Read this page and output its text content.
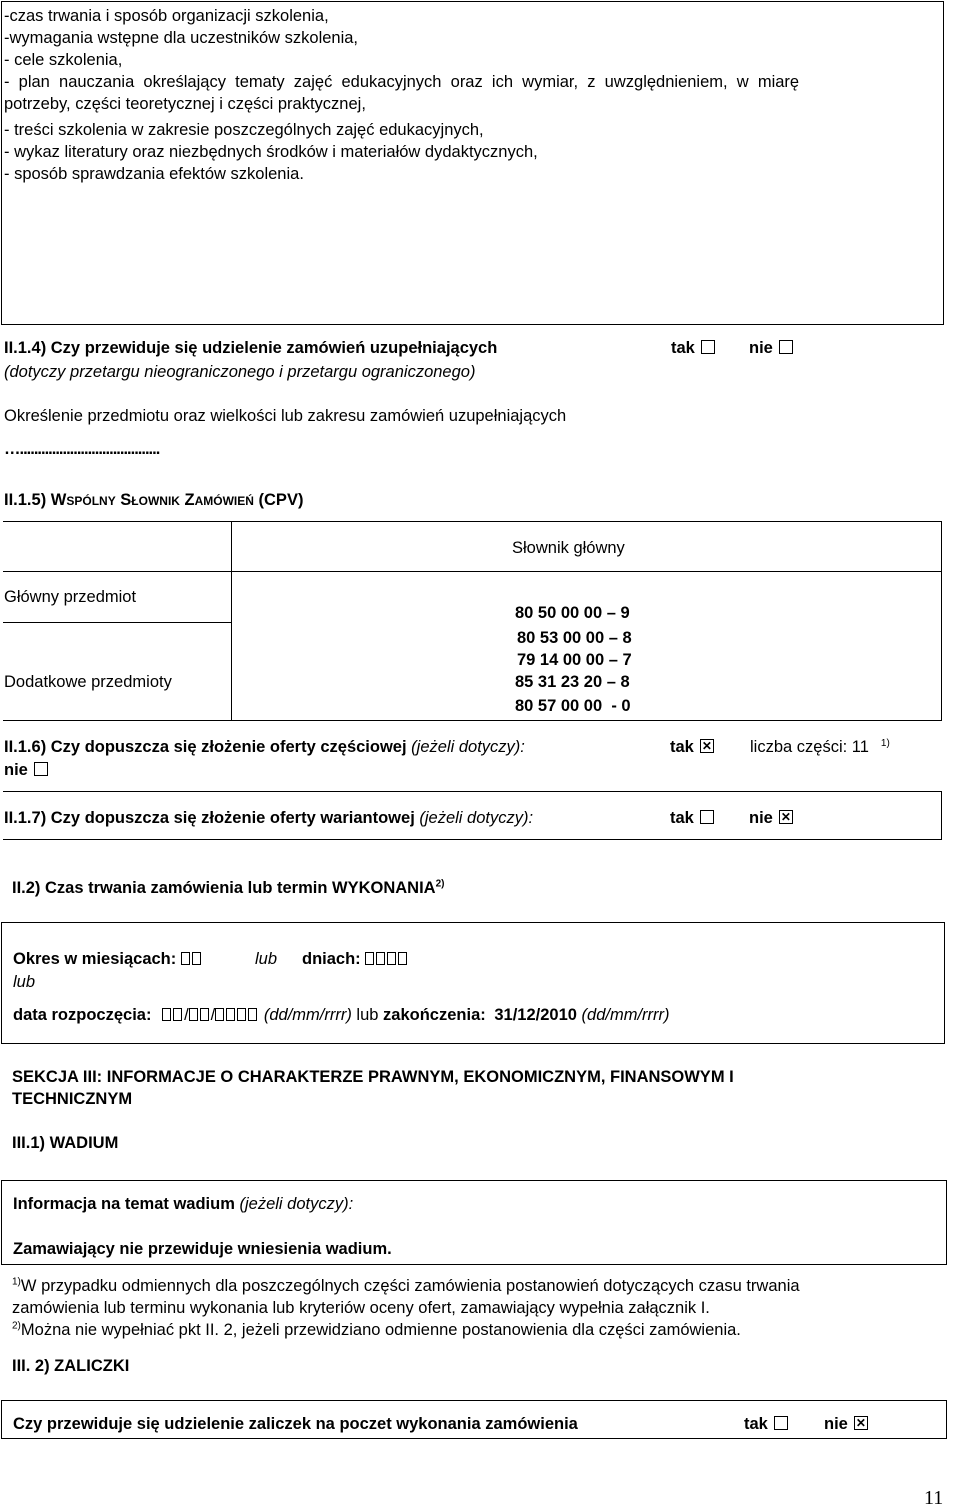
-czas trwania i sposób organizacji szkolenia,
-wymagania wstępne dla uczestników szkolenia,
- cele szkolenia,
-  plan  nauczania  określający  tematy  zajęć  edukacyjnych  oraz  ich  wymiar,  z  uwzględnieniem,  w  miarę
potrzeby, części teoretycznej i części praktycznej,
- treści szkolenia w zakresie poszczególnych zajęć edukacyjnych,
- wykaz literatury oraz niezbędnych środków i materiałów dydaktycznych,
- sposób sprawdzania efektów szkolenia.
II.1.4) Czy przewiduje się udzielenie zamówień uzupełniających	tak	nie
(dotyczy przetargu nieograniczonego i przetargu ograniczonego)
Określenie przedmiotu oraz wielkości lub zakresu zamówień uzupełniających
….......................................
II.1.5) Wspólny Słownik Zamówień (CPV)
Słownik główny
Główny przedmiot
Dodatkowe przedmioty
80 50 00 00 – 9
80 53 00 00 – 8
79 14 00 00 – 7
85 31 23 20 – 8
80 57 00 00  - 0
II.1.6) Czy dopuszcza się złożenie oferty częściowej (jeżeli dotyczy):	tak✕	liczba części: 11 $^{1)}$
nie
II.1.7) Czy dopuszcza się złożenie oferty wariantowej (jeżeli dotyczy):	tak	nie✕
II.2) Czas trwania zamówienia lub termin WYKONANIA$^{2)}$
Okres w miesiącach:	lub dniach:
lub
data rozpoczęcia: / /	(dd/mm/rrrr) lub zakończenia: 31/12/2010 (dd/mm/rrrr)
SEKCJA III: INFORMACJE O CHARAKTERZE PRAWNYM, EKONOMICZNYM, FINANSOWYM I
TECHNICZNYM
III.1) WADIUM
Informacja na temat wadium (jeżeli dotyczy):
Zamawiający nie przewiduje wniesienia wadium.
$^{1)}$W przypadku odmiennych dla poszczególnych części zamówienia postanowień dotyczących czasu trwania
zamówienia lub terminu wykonania lub kryteriów oceny ofert, zamawiający wypełnia załącznik I.
$^{2)}$Można nie wypełniać pkt II. 2, jeżeli przewidziano odmienne postanowienia dla części zamówienia.
III. 2) ZALICZKI
Czy przewiduje się udzielenie zaliczek na poczet wykonania zamówienia	tak	nie✕
11
